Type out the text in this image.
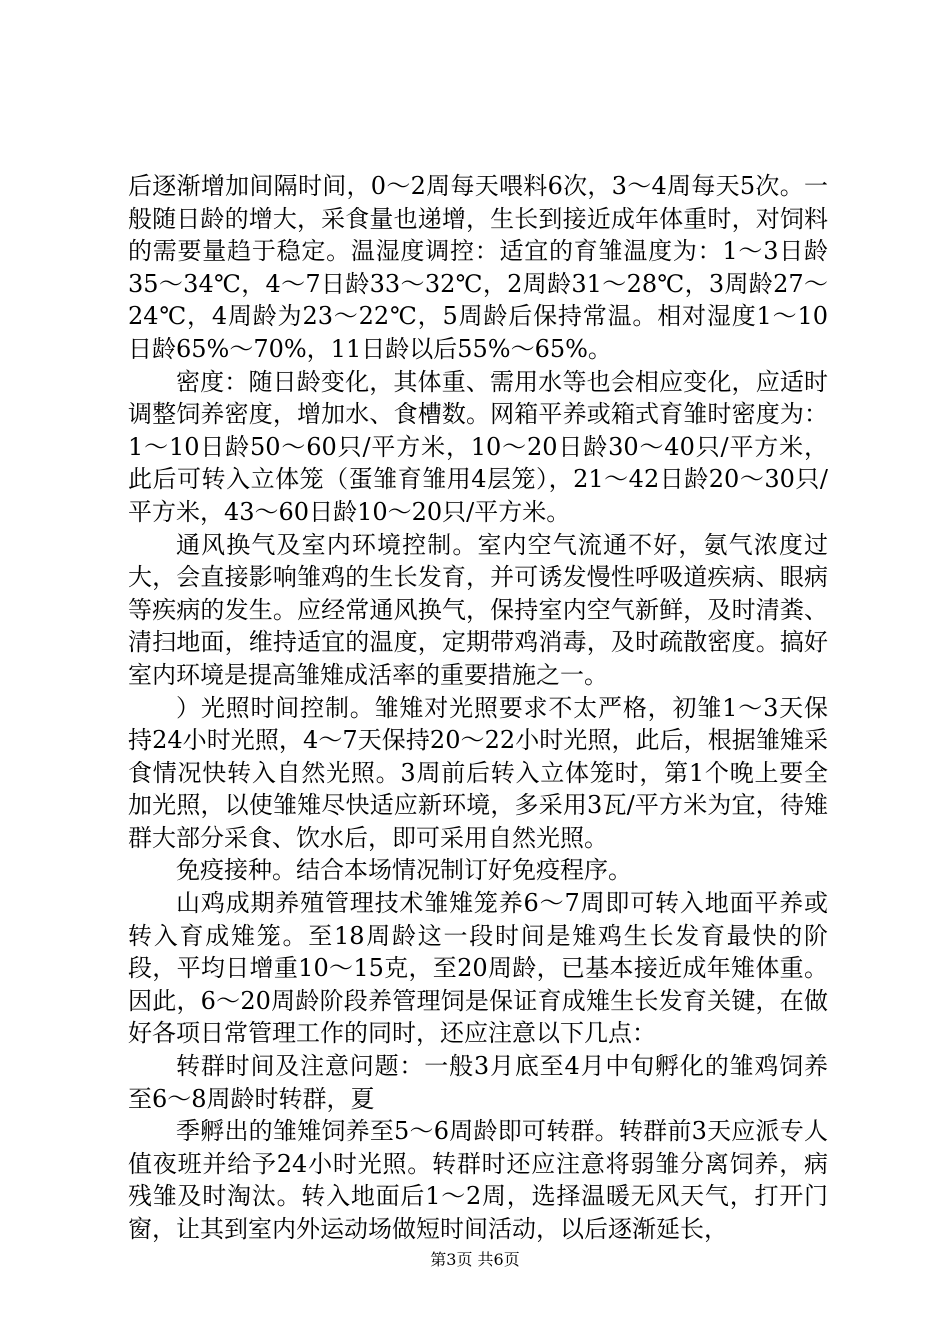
后逐渐增加间隔时间，0～2周每天喂料6次，3～4周每天5次。一般随日龄的增大，采食量也递增，生长到接近成年体重时，对饲料的需要量趋于稳定。温湿度调控：适宜的育雏温度为：1～3日龄35～34℃，4～7日龄33～32℃，2周龄31～28℃，3周龄27～24℃，4周龄为23～22℃，5周龄后保持常温。相对湿度1～10日龄65%～70%，11日龄以后55%～65%。

密度：随日龄变化，其体重、需用水等也会相应变化，应适时调整饲养密度，增加水、食槽数。网箱平养或箱式育雏时密度为：1～10日龄50～60只/平方米，10～20日龄30～40只/平方米，此后可转入立体笼（蛋雏育雏用4层笼），21～42日龄20～30只/平方米，43～60日龄10～20只/平方米。

通风换气及室内环境控制。室内空气流通不好，氨气浓度过大，会直接影响雏鸡的生长发育，并可诱发慢性呼吸道疾病、眼病等疾病的发生。应经常通风换气，保持室内空气新鲜，及时清粪、清扫地面，维持适宜的温度，定期带鸡消毒，及时疏散密度。搞好室内环境是提高雏雉成活率的重要措施之一。

）光照时间控制。雏雉对光照要求不太严格，初雏1～3天保持24小时光照，4～7天保持20～22小时光照，此后，根据雏雉采食情况快转入自然光照。3周前后转入立体笼时，第1个晚上要全加光照，以使雏雉尽快适应新环境，多采用3瓦/平方米为宜，待雉群大部分采食、饮水后，即可采用自然光照。

免疫接种。结合本场情况制订好免疫程序。

山鸡成期养殖管理技术雏雉笼养6～7周即可转入地面平养或转入育成雉笼。至18周龄这一段时间是雉鸡生长发育最快的阶段，平均日增重10～15克，至20周龄，已基本接近成年雉体重。因此，6～20周龄阶段养管理饲是保证育成雉生长发育关键，在做好各项日常管理工作的同时，还应注意以下几点：

转群时间及注意问题：一般3月底至4月中旬孵化的雏鸡饲养至6～8周龄时转群，夏

季孵出的雏雉饲养至5～6周龄即可转群。转群前3天应派专人值夜班并给予24小时光照。转群时还应注意将弱雏分离饲养，病残雏及时淘汰。转入地面后1～2周，选择温暖无风天气，打开门窗，让其到室内外运动场做短时间活动，以后逐渐延长，

第3页 共6页
